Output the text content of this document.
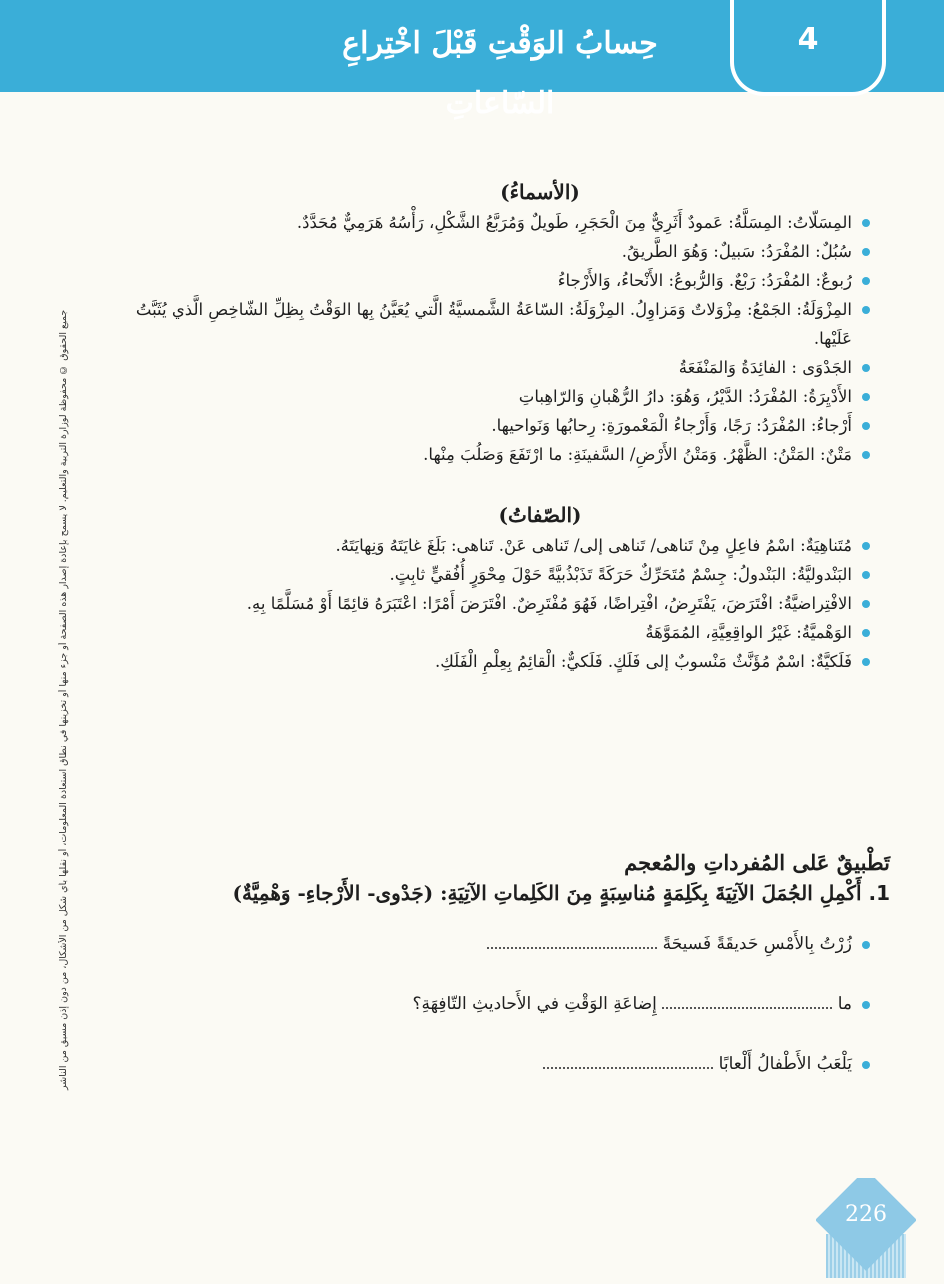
حِسابُ الوَقْتِ قَبْلَ اخْتِراعِ السّاعاتِ
4
جميع الحقوق © محفوظة لوزارة التربية والتعليم. لا يسمح بإعادة إصدار هذه الصفحة أو جزء منها أو تخزينها في نطاق استعادة المعلومات، أو نقلها بأي شكل من الأشكال، من دون إذن مسبق من الناشر
(الأسماءُ)
المِسَلّاتُ: المِسَلَّةُ: عَمودٌ أَثَرِيٌّ مِنَ الْحَجَرِ، طَويلٌ وَمُرَبَّعُ الشَّكْلِ، رَأْسُهُ هَرَمِيٌّ مُحَدَّدٌ.
سُبُلٌ: المُفْرَدُ: سَبيلٌ: وَهُوَ الطَّريقُ.
رُبوعٌ: المُفْرَدُ: رَبْعٌ. وَالرُّبوعُ: الأَنْحاءُ، وَالأَرْجاءُ
المِزْوَلَةُ: الجَمْعُ: مِزْوَلاتٌ وَمَزاوِلُ. المِزْوَلَةُ: السّاعَةُ الشَّمسيَّةُ الَّتي يُعَيَّنُ بِها الوَقْتُ بِظِلِّ الشّاخِصِ الَّذي يُثَبَّتُ عَلَيْها.
الجَدْوَى : الفائِدَةُ وَالمَنْفَعَةُ
الأَدْيِرَةُ: المُفْرَدُ: الدَّيْرُ، وَهُوَ: دارُ الرُّهْبانِ وَالرّاهِباتِ
أَرْجاءُ: المُفْرَدُ: رَجًا، وَأَرْجاءُ الْمَعْمورَةِ: رِحابُها وَنَواحيها.
مَتْنٌ: المَتْنُ: الظَّهْرُ. وَمَتْنُ الأَرْضِ/ السَّفينَةِ: ما ارْتَفَعَ وَصَلُبَ مِنْها.
(الصّفاتُ)
مُتَناهِيَةٌ: اسْمُ فاعِلٍ مِنْ تَناهى/ تَناهى إلى/ تَناهى عَنْ. تَناهى: بَلَغَ غايَتَهُ وَنِهايَتَهُ.
البَنْدوليَّةُ: البَنْدولُ: جِسْمٌ مُتَحَرِّكٌ حَرَكَةً تَذَبْذُبيَّةً حَوْلَ مِحْوَرٍ أُفُقيٍّ ثابِتٍ.
الافْتِراضيَّةُ: افْتَرَضَ، يَفْتَرِضُ، افْتِراضًا، فَهُوَ مُفْتَرِضٌ. افْتَرَضَ أَمْرًا: اعْتَبَرَهُ قائِمًا أَوْ مُسَلَّمًا بِهِ.
الوَهْميَّةُ: غَيْرُ الواقِعِيَّةِ، المُمَوَّهَةُ
فَلَكيَّةٌ: اسْمٌ مُؤَنَّثٌ مَنْسوبٌ إلى فَلَكٍ. فَلَكيٌّ: الْقائِمُ بِعِلْمِ الْفَلَكِ.
تَطْبيقٌ عَلى المُفرداتِ والمُعجم
1. أَكْمِلِ الجُمَلَ الآتِيَةَ بِكَلِمَةٍ مُناسِبَةٍ مِنَ الكَلِماتِ الآتِيَةِ: (جَدْوى- الأَرْجاءِ- وَهْمِيَّةٌ)
زُرْتُ بِالأَمْسِ حَديقَةً فَسيحَةً
ما  إِضاعَةِ الوَقْتِ في الأَحاديثِ التّافِهَةِ؟
يَلْعَبُ الأَطْفالُ أَلْعابًا
226
